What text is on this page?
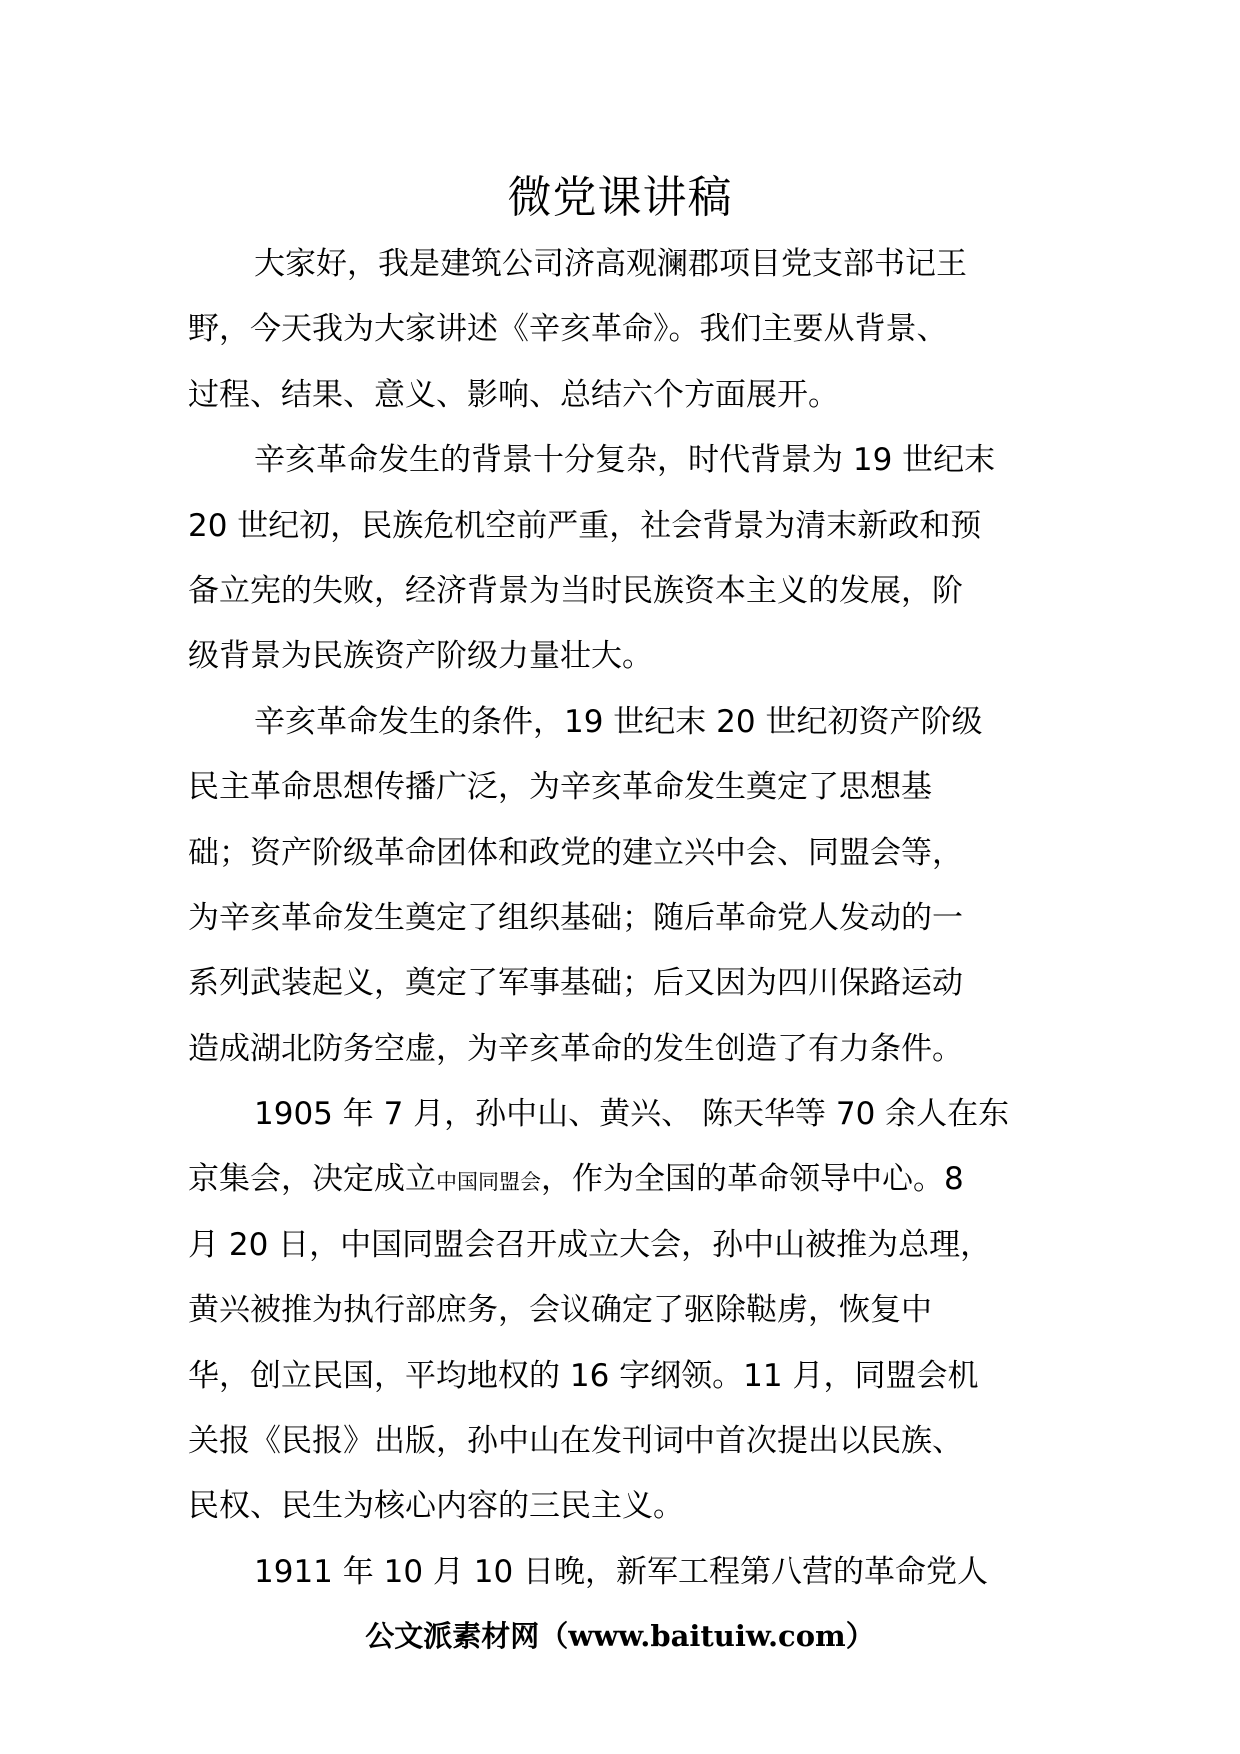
微党课讲稿
大家好，我是建筑公司济高观澜郡项目党支部书记王
野，今天我为大家讲述《辛亥革命》。我们主要从背景、
过程、结果、意义、影响、总结六个方面展开。
辛亥革命发生的背景十分复杂，时代背景为 19 世纪末
20 世纪初，民族危机空前严重，社会背景为清末新政和预
备立宪的失败，经济背景为当时民族资本主义的发展，阶
级背景为民族资产阶级力量壮大。
辛亥革命发生的条件，19 世纪末 20 世纪初资产阶级
民主革命思想传播广泛，为辛亥革命发生奠定了思想基
础；资产阶级革命团体和政党的建立兴中会、同盟会等，
为辛亥革命发生奠定了组织基础；随后革命党人发动的一
系列武装起义，奠定了军事基础；后又因为四川保路运动
造成湖北防务空虚，为辛亥革命的发生创造了有力条件。
1905 年 7 月，孙中山、黄兴、 陈天华等 70 余人在东
京集会，决定成立中国同盟会，作为全国的革命领导中心。8
月 20 日，中国同盟会召开成立大会，孙中山被推为总理，
黄兴被推为执行部庶务，会议确定了驱除鞑虏，恢复中
华，创立民国，平均地权的 16 字纲领。11 月，同盟会机
关报《民报》出版，孙中山在发刊词中首次提出以民族、
民权、民生为核心内容的三民主义。
1911 年 10 月 10 日晚，新军工程第八营的革命党人
公文派素材网（www.baituiw.com）
